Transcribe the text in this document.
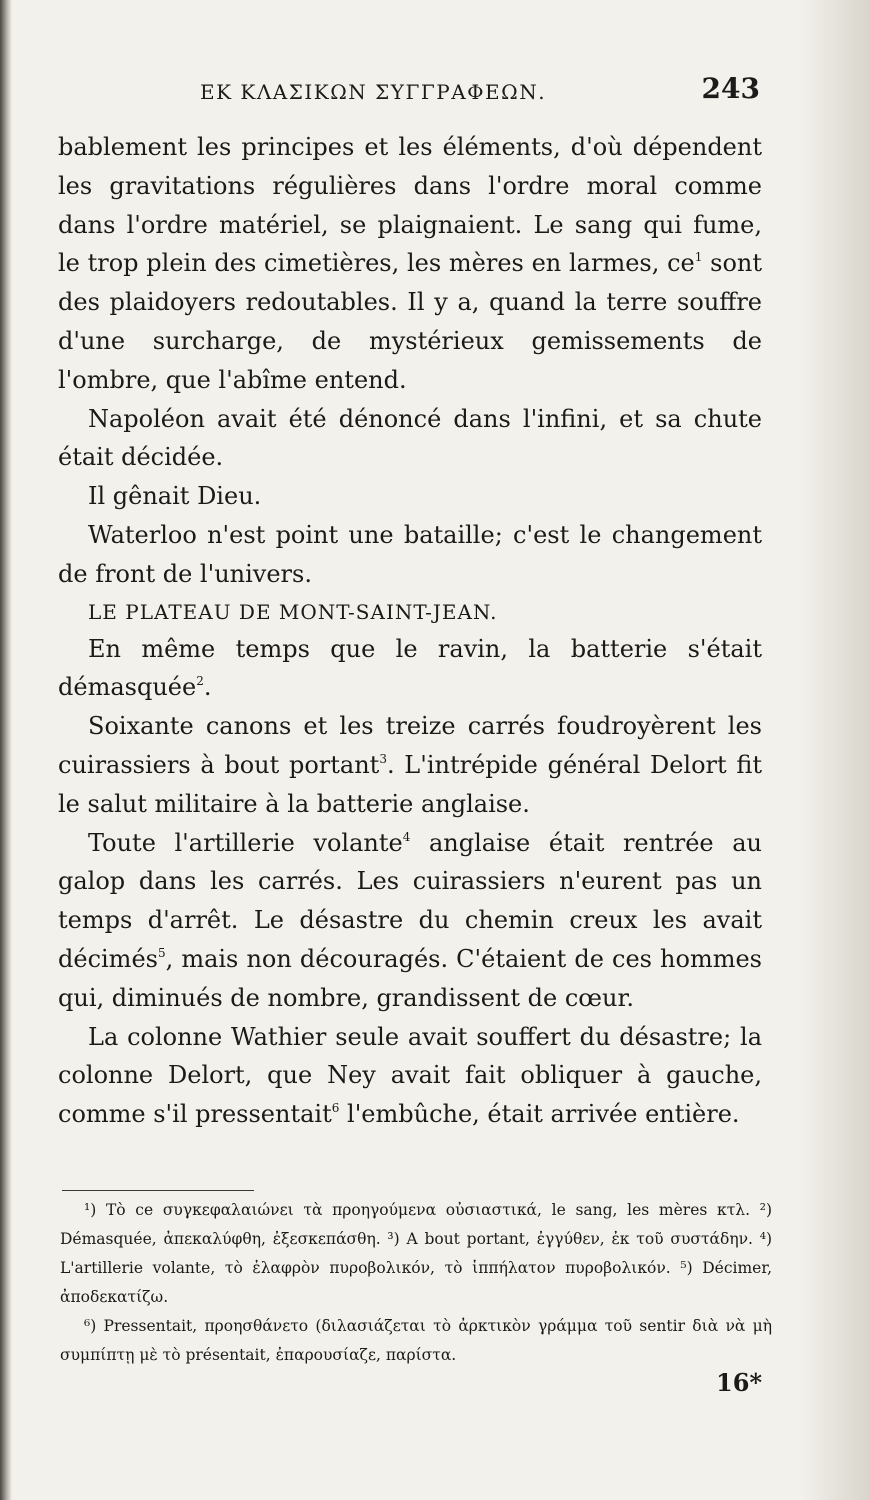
ΕΚ ΚΛΑΣΙΚΩΝ ΣΥΓΓΡΑΦΕΩΝ.	243

bablement les principes et les éléments, d'où dépendent les gravitations régulières dans l'ordre moral comme dans l'ordre matériel, se plaignaient. Le sang qui fume, le trop plein des cimetières, les mères en larmes, $ce^1$ sont des plaidoyers redoutables. Il y a, quand la terre souffre d'une surcharge, de mystérieux gemissements de l'ombre, que l'abîme entend.

Napoléon avait été dénoncé dans l'infini, et sa chute était décidée.

Il gênait Dieu.

Waterloo n'est point une bataille; c'est le changement de front de l'univers.

LE PLATEAU DE MONT-SAINT-JEAN.

En même temps que le ravin, la batterie s'était démasquée$^2$.

Soixante canons et les treize carrés foudroyèrent les cuirassiers à bout portant$^3$. L'intrépide général Delort fit le salut militaire à la batterie anglaise.

Toute l'artillerie volante$^4$ anglaise était rentrée au galop dans les carrés. Les cuirassiers n'eurent pas un temps d'arrêt. Le désastre du chemin creux les avait décimés$^5$, mais non découragés. C'étaient de ces hommes qui, diminués de nombre, grandissent de cœur.

La colonne Wathier seule avait souffert du désastre; la colonne Delort, que Ney avait fait obliquer à gauche, comme s'il pressentait$^6$ l'embûche, était arrivée entière.

¹) Τὸ ce συγκεφαλαιώνει τὰ προηγούμενα οὐσιαστικά, le sang, les mères κτλ. ²) Démasquée, ἀπεκαλύφθη, ἐξεσκεπάσθη. ³) A bout portant, ἐγγύθεν, ἐκ τοῦ συστάδην. ⁴) L'artillerie volante, τὸ ἐλαφρὸν πυροβολικόν, τὸ ἱππήλατον πυροβολικόν. ⁵) Décimer, ἀποδεκατίζω.

⁶) Pressentait, προησθάνετο (διλασιάζεται τὸ ἀρκτικὸν γράμμα τοῦ sentir διὰ νὰ μὴ συμπίπτῃ μὲ τὸ présentait, ἐπαρουσίαζε, παρίστα.

16*
